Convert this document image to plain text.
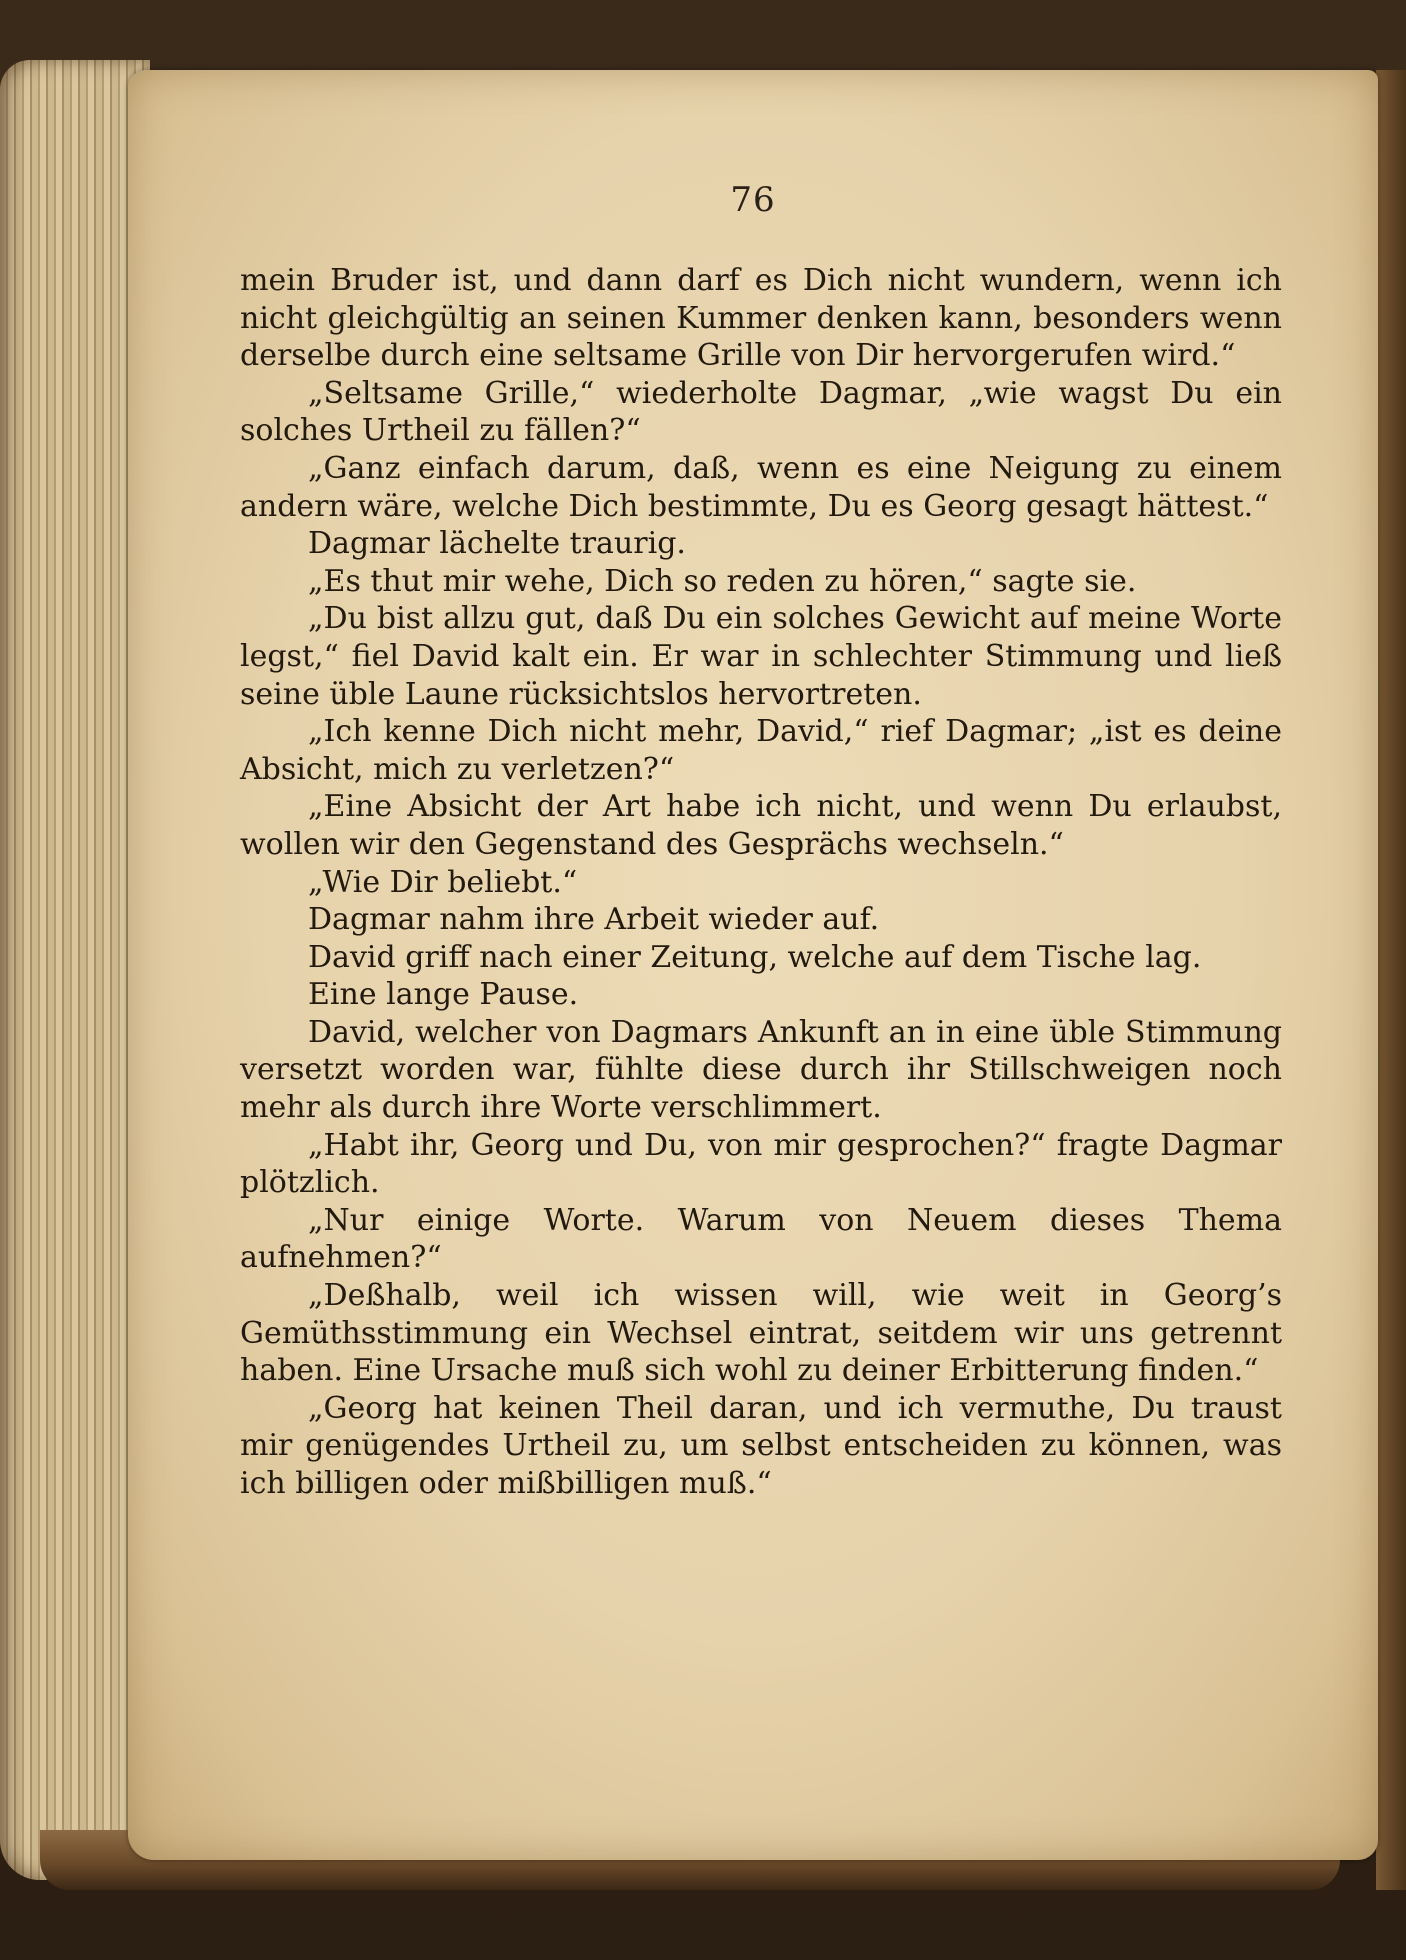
76

mein Bruder ist, und dann darf es Dich nicht wundern, wenn ich nicht gleichgültig an seinen Kummer denken kann, besonders wenn derselbe durch eine seltsame Grille von Dir hervorgerufen wird.“

„Seltsame Grille,“ wiederholte Dagmar, „wie wagst Du ein solches Urtheil zu fällen?“

„Ganz einfach darum, daß, wenn es eine Neigung zu einem andern wäre, welche Dich bestimmte, Du es Georg gesagt hättest.“

Dagmar lächelte traurig.

„Es thut mir wehe, Dich so reden zu hören,“ sagte sie.

„Du bist allzu gut, daß Du ein solches Gewicht auf meine Worte legst,“ fiel David kalt ein. Er war in schlechter Stimmung und ließ seine üble Laune rücksichtslos hervortreten.

„Ich kenne Dich nicht mehr, David,“ rief Dagmar; „ist es deine Absicht, mich zu verletzen?“

„Eine Absicht der Art habe ich nicht, und wenn Du erlaubst, wollen wir den Gegenstand des Gesprächs wechseln.“

„Wie Dir beliebt.“

Dagmar nahm ihre Arbeit wieder auf.

David griff nach einer Zeitung, welche auf dem Tische lag.

Eine lange Pause.

David, welcher von Dagmars Ankunft an in eine üble Stimmung versetzt worden war, fühlte diese durch ihr Stillschweigen noch mehr als durch ihre Worte verschlimmert.

„Habt ihr, Georg und Du, von mir gesprochen?“ fragte Dagmar plötzlich.

„Nur einige Worte. Warum von Neuem dieses Thema aufnehmen?“

„Deßhalb, weil ich wissen will, wie weit in Georg’s Gemüthsstimmung ein Wechsel eintrat, seitdem wir uns getrennt haben. Eine Ursache muß sich wohl zu deiner Erbitterung finden.“

„Georg hat keinen Theil daran, und ich vermuthe, Du traust mir genügendes Urtheil zu, um selbst entscheiden zu können, was ich billigen oder mißbilligen muß.“
